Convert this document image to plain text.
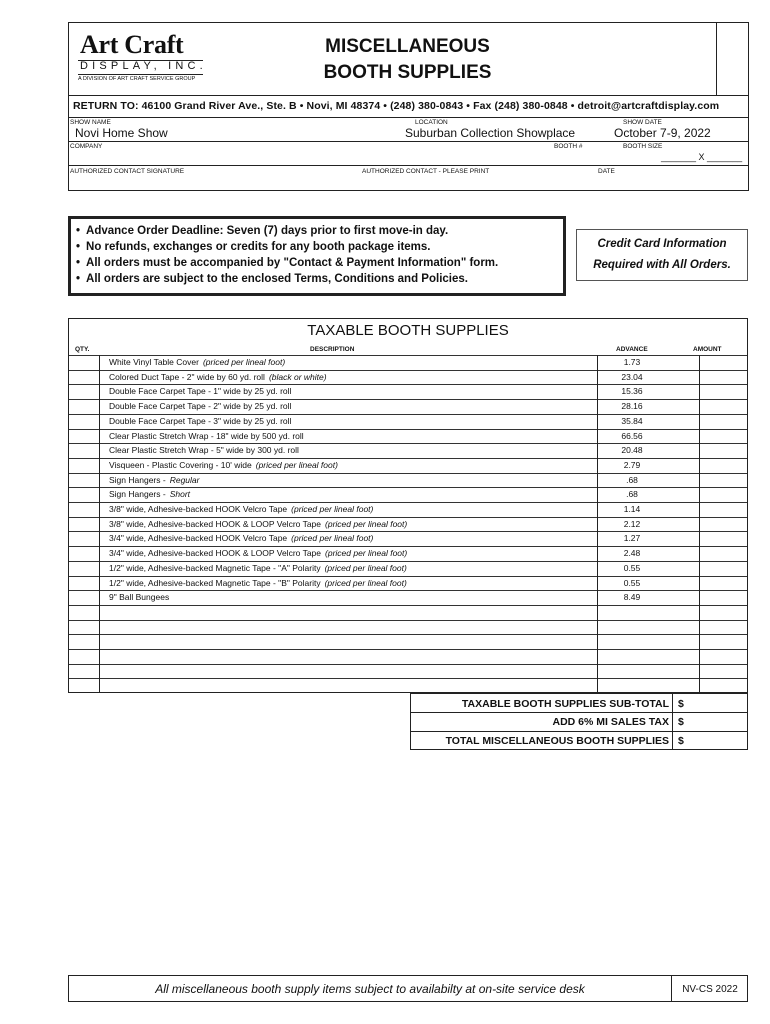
Art Craft
DISPLAY, INC.
A DIVISION OF ART CRAFT SERVICE GROUP
MISCELLANEOUS
BOOTH SUPPLIES
RETURN TO: 46100 Grand River Ave., Ste. B • Novi, MI 48374 • (248) 380-0843 • Fax (248) 380-0848 • detroit@artcraftdisplay.com
SHOW NAME
Novi Home Show
LOCATION
Suburban Collection Showplace
SHOW DATE
October 7-9, 2022
COMPANY	BOOTH #	BOOTH SIZE
_______ X _______
AUTHORIZED CONTACT SIGNATURE	AUTHORIZED CONTACT - PLEASE PRINT	DATE
• Advance Order Deadline: Seven (7) days prior to first move-in day.
• No refunds, exchanges or credits for any booth package items.
• All orders must be accompanied by "Contact & Payment Information" form.
• All orders are subject to the enclosed Terms, Conditions and Policies.
Credit Card Information
Required with All Orders.
TAXABLE BOOTH SUPPLIES
QTY.	DESCRIPTION	ADVANCE	AMOUNT
White Vinyl Table Cover (priced per lineal foot)	1.73
Colored Duct Tape - 2" wide by 60 yd. roll (black or white)	23.04
Double Face Carpet Tape - 1" wide by 25 yd. roll	15.36
Double Face Carpet Tape - 2" wide by 25 yd. roll	28.16
Double Face Carpet Tape - 3" wide by 25 yd. roll	35.84
Clear Plastic Stretch Wrap - 18" wide by 500 yd. roll	66.56
Clear Plastic Stretch Wrap - 5" wide by 300 yd. roll	20.48
Visqueen - Plastic Covering - 10' wide (priced per lineal foot)	2.79
Sign Hangers - Regular	.68
Sign Hangers - Short	.68
3/8" wide, Adhesive-backed HOOK Velcro Tape (priced per lineal foot)	1.14
3/8" wide, Adhesive-backed HOOK & LOOP Velcro Tape (priced per lineal foot)	2.12
3/4" wide, Adhesive-backed HOOK Velcro Tape (priced per lineal foot)	1.27
3/4" wide, Adhesive-backed HOOK & LOOP Velcro Tape (priced per lineal foot)	2.48
1/2" wide, Adhesive-backed Magnetic Tape - "A" Polarity (priced per lineal foot)	0.55
1/2" wide, Adhesive-backed Magnetic Tape - "B" Polarity (priced per lineal foot)	0.55
9" Ball Bungees	8.49
TAXABLE BOOTH SUPPLIES SUB-TOTAL $
ADD 6% MI SALES TAX $
TOTAL MISCELLANEOUS BOOTH SUPPLIES $
All miscellaneous booth supply items subject to availabilty at on-site service desk	NV-CS 2022
